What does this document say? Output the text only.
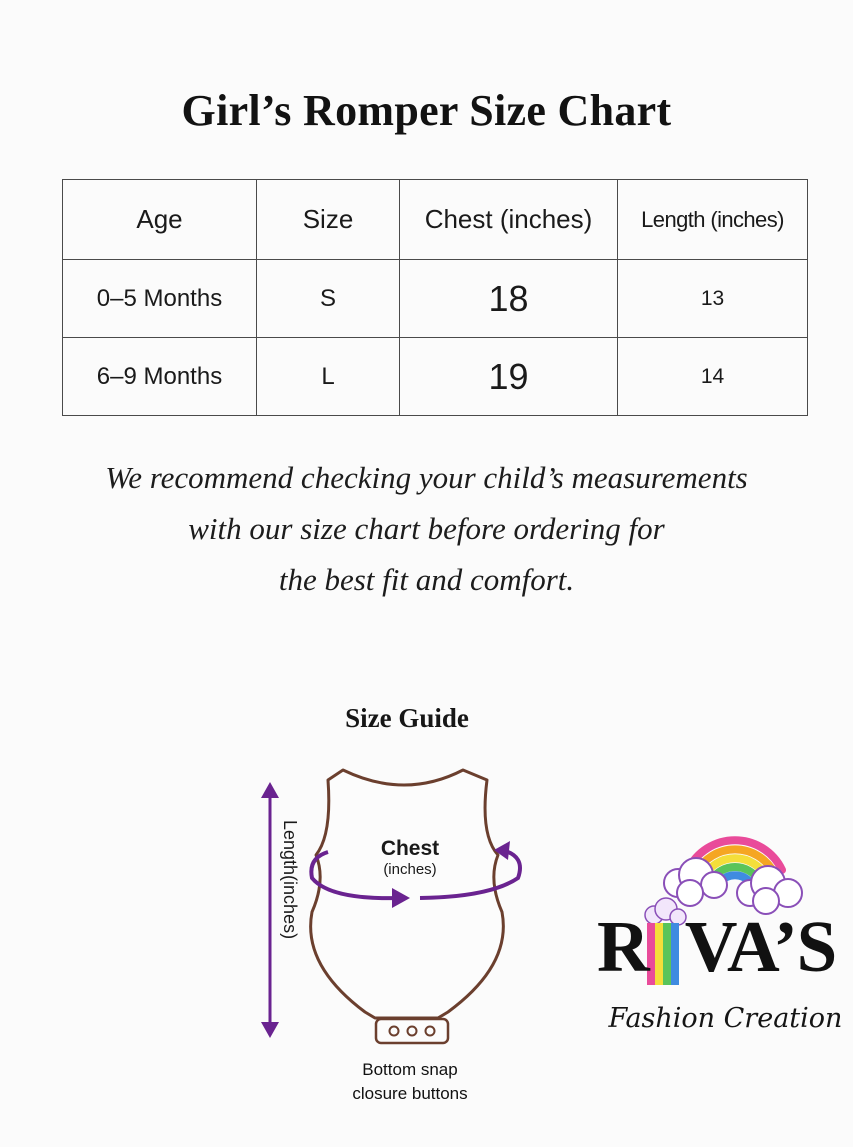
Girl’s Romper Size Chart
Age	Size	Chest (inches)	Length (inches)
0–5 Months	S	18	13
6–9 Months	L	19	14
We recommend checking your child’s measurements
with our size chart before ordering for
the best fit and comfort.
Size Guide
Length(inches)	Chest
(inches)
Bottom snap
closure buttons
R VA’S
Fashion Creation
